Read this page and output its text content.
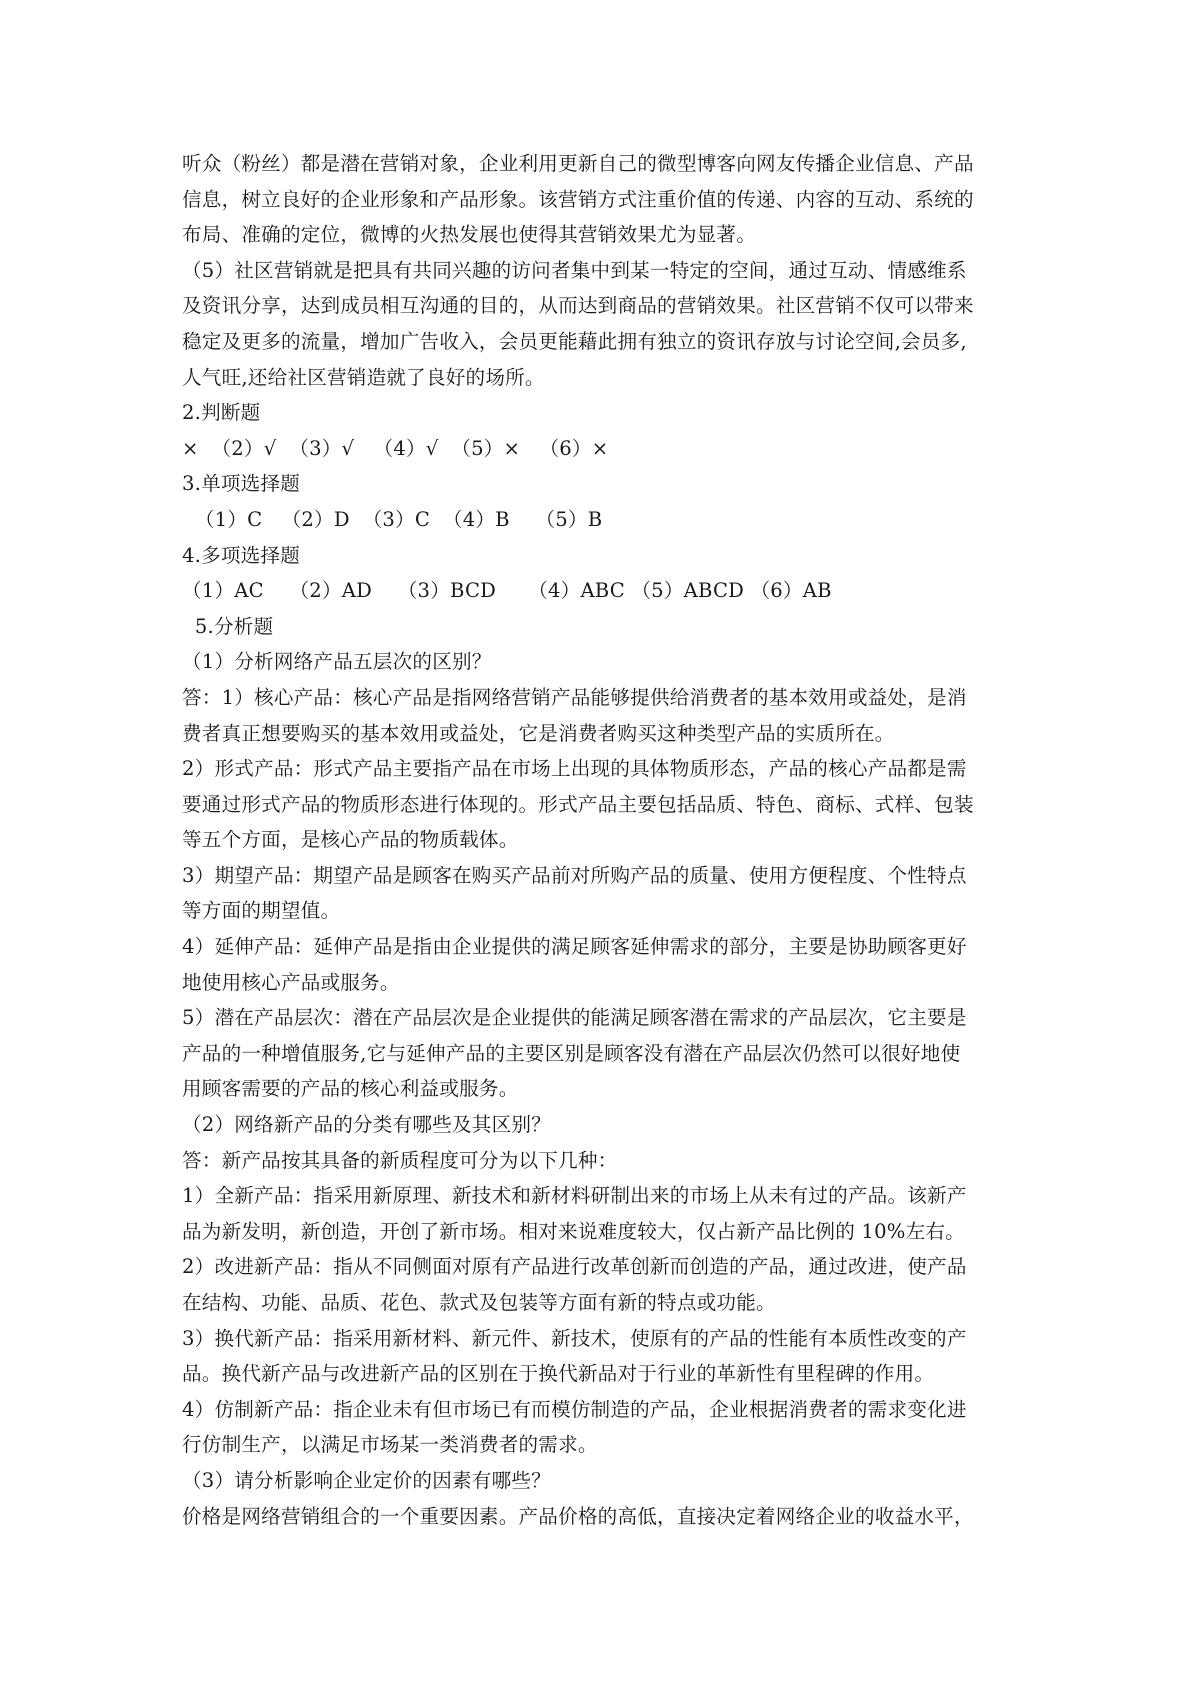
听众（粉丝）都是潜在营销对象，企业利用更新自己的微型博客向网友传播企业信息、产品

信息，树立良好的企业形象和产品形象。该营销方式注重价值的传递、内容的互动、系统的

布局、准确的定位，微博的火热发展也使得其营销效果尤为显著。

（5）社区营销就是把具有共同兴趣的访问者集中到某一特定的空间，通过互动、情感维系

及资讯分享，达到成员相互沟通的目的，从而达到商品的营销效果。社区营销不仅可以带来

稳定及更多的流量，增加广告收入，会员更能藉此拥有独立的资讯存放与讨论空间,会员多,

人气旺,还给社区营销造就了良好的场所。

2.判断题

×  （2）√  （3）√   （4）√  （5）×   （6）×

3.单项选择题

（1）C   （2）D  （3）C  （4）B    （5）B

4.多项选择题

（1）AC    （2）AD    （3）BCD     （4）ABC （5）ABCD （6）AB

5.分析题

（1）分析网络产品五层次的区别？

答：1）核心产品：核心产品是指网络营销产品能够提供给消费者的基本效用或益处，是消

费者真正想要购买的基本效用或益处，它是消费者购买这种类型产品的实质所在。

2）形式产品：形式产品主要指产品在市场上出现的具体物质形态，产品的核心产品都是需

要通过形式产品的物质形态进行体现的。形式产品主要包括品质、特色、商标、式样、包装

等五个方面，是核心产品的物质载体。

3）期望产品：期望产品是顾客在购买产品前对所购产品的质量、使用方便程度、个性特点

等方面的期望值。

4）延伸产品：延伸产品是指由企业提供的满足顾客延伸需求的部分，主要是协助顾客更好

地使用核心产品或服务。

5）潜在产品层次：潜在产品层次是企业提供的能满足顾客潜在需求的产品层次，它主要是

产品的一种增值服务,它与延伸产品的主要区别是顾客没有潜在产品层次仍然可以很好地使

用顾客需要的产品的核心利益或服务。

（2）网络新产品的分类有哪些及其区别？

答：新产品按其具备的新质程度可分为以下几种：

1）全新产品：指采用新原理、新技术和新材料研制出来的市场上从未有过的产品。该新产

品为新发明，新创造，开创了新市场。相对来说难度较大，仅占新产品比例的 10%左右。

2）改进新产品：指从不同侧面对原有产品进行改革创新而创造的产品，通过改进，使产品

在结构、功能、品质、花色、款式及包装等方面有新的特点或功能。

3）换代新产品：指采用新材料、新元件、新技术，使原有的产品的性能有本质性改变的产

品。换代新产品与改进新产品的区别在于换代新品对于行业的革新性有里程碑的作用。

4）仿制新产品：指企业未有但市场已有而模仿制造的产品，企业根据消费者的需求变化进

行仿制生产，以满足市场某一类消费者的需求。

（3）请分析影响企业定价的因素有哪些？

价格是网络营销组合的一个重要因素。产品价格的高低，直接决定着网络企业的收益水平，
